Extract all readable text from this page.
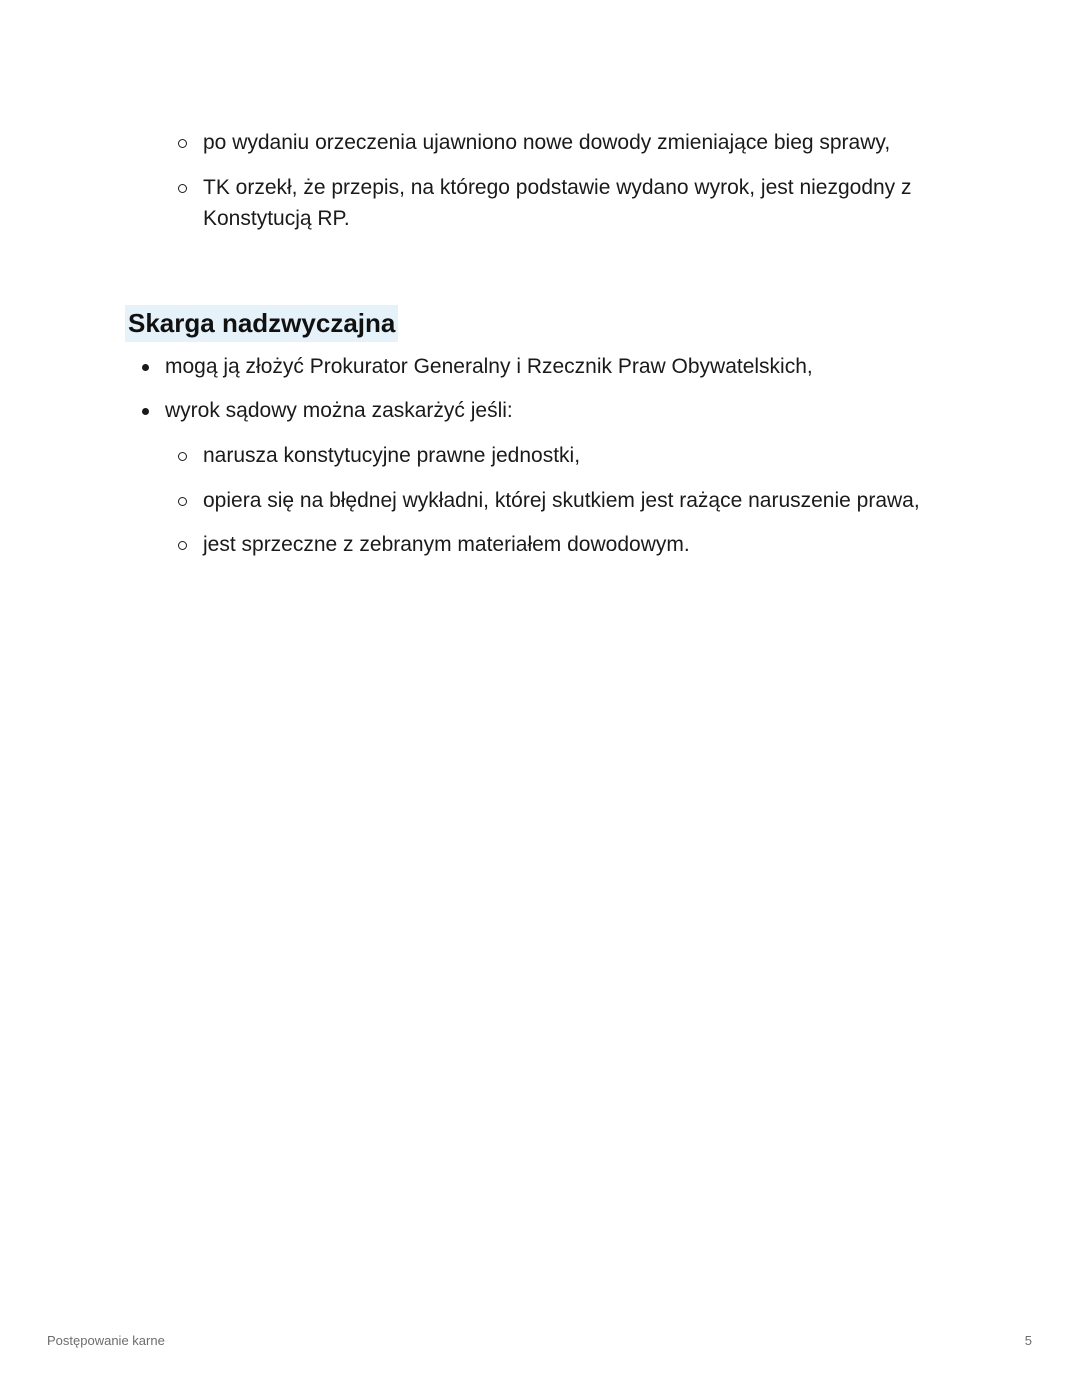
po wydaniu orzeczenia ujawniono nowe dowody zmieniające bieg sprawy,
TK orzekł, że przepis, na którego podstawie wydano wyrok, jest niezgodny z
Konstytucją RP.
Skarga nadzwyczajna
mogą ją złożyć Prokurator Generalny i Rzecznik Praw Obywatelskich,
wyrok sądowy można zaskarżyć jeśli:
narusza konstytucyjne prawne jednostki,
opiera się na błędnej wykładni, której skutkiem jest rażące naruszenie prawa,
jest sprzeczne z zebranym materiałem dowodowym.
Postępowanie karne	5
